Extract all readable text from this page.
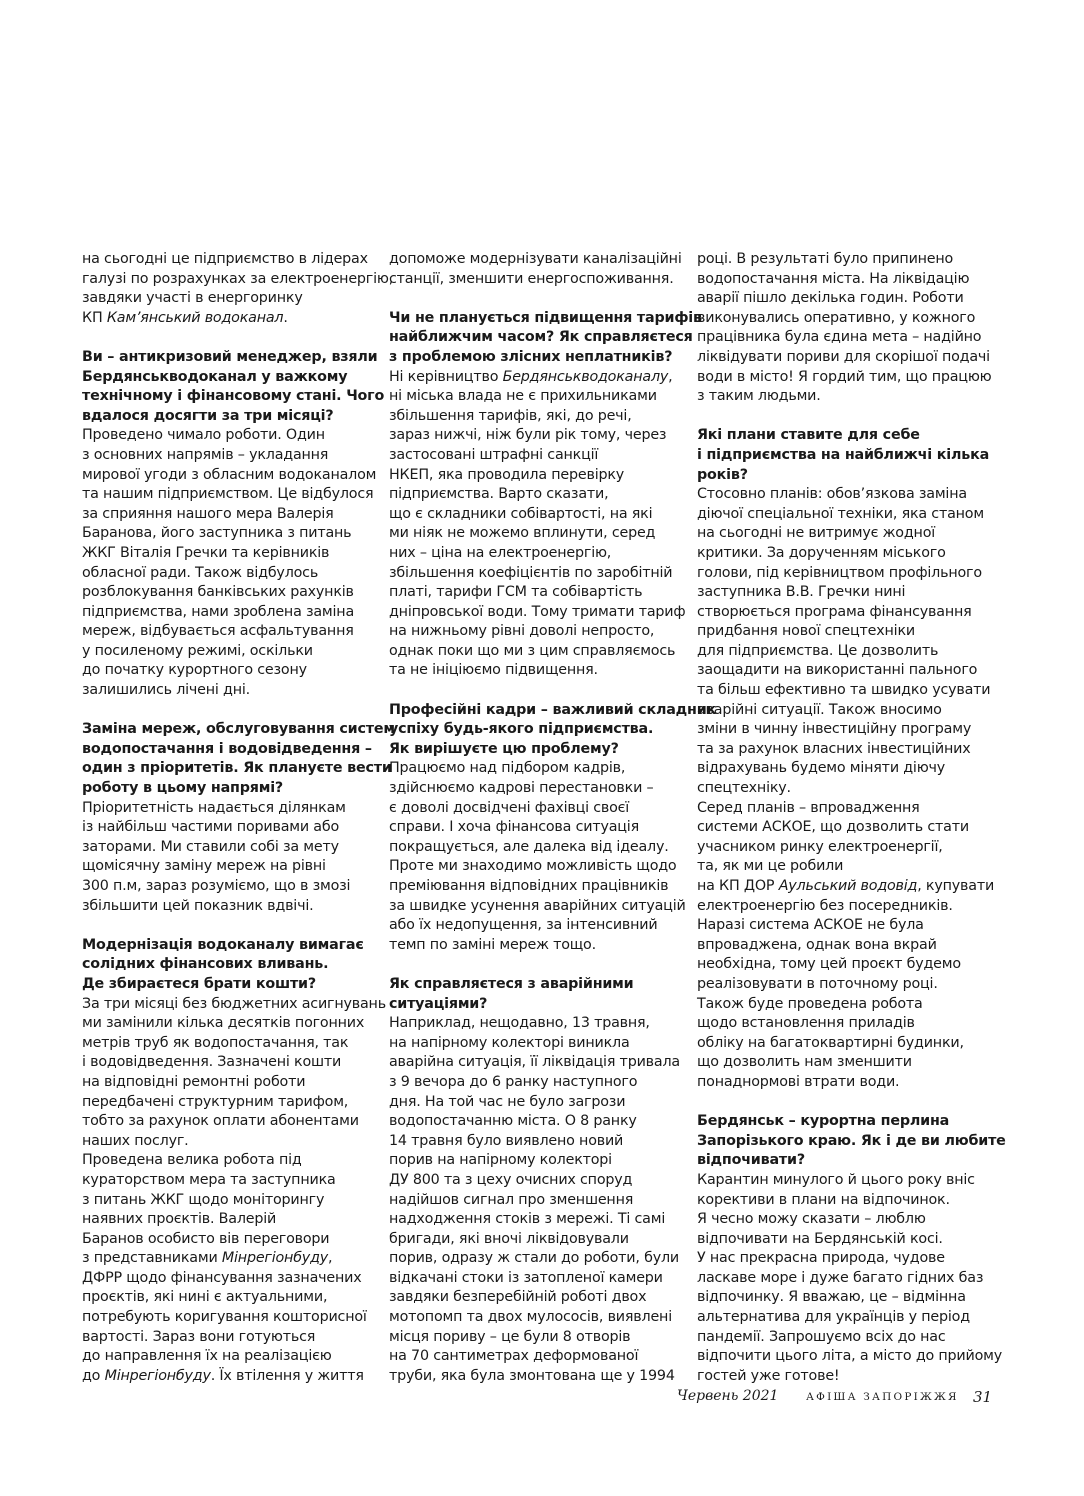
на сьогодні це підприємство в лідерах
галузі по розрахунках за електроенергію,
завдяки участі в енергоринку
КП Кам’янський водоканал.
Ви – антикризовий менеджер, взяли
Бердянськводоканал у важкому
технічному і фінансовому стані. Чого
вдалося досягти за три місяці?
Проведено чимало роботи. Один
з основних напрямів – укладання
мирової угоди з обласним водоканалом
та нашим підприємством. Це відбулося
за сприяння нашого мера Валерія
Баранова, його заступника з питань
ЖКГ Віталія Гречки та керівників
обласної ради. Також відбулось
розблокування банківських рахунків
підприємства, нами зроблена заміна
мереж, відбувається асфальтування
у посиленому режимі, оскільки
до початку курортного сезону
залишились лічені дні.
Заміна мереж, обслуговування систем
водопостачання і водовідведення –
один з пріоритетів. Як плануєте вести
роботу в цьому напрямі?
Пріоритетність надається ділянкам
із найбільш частими поривами або
заторами. Ми ставили собі за мету
щомісячну заміну мереж на рівні
300 п.м, зараз розуміємо, що в змозі
збільшити цей показник вдвічі.
Модернізація водоканалу вимагає
солідних фінансових вливань.
Де збираєтеся брати кошти?
За три місяці без бюджетних асигнувань
ми замінили кілька десятків погонних
метрів труб як водопостачання, так
і водовідведення. Зазначені кошти
на відповідні ремонтні роботи
передбачені структурним тарифом,
тобто за рахунок оплати абонентами
наших послуг.
Проведена велика робота під
кураторством мера та заступника
з питань ЖКГ щодо моніторингу
наявних проєктів. Валерій
Баранов особисто вів переговори
з представниками Мінрегіонбуду,
ДФРР щодо фінансування зазначених
проєктів, які нині є актуальними,
потребують коригування кошторисної
вартості. Зараз вони готуються
до направлення їх на реалізацією
до Мінрегіонбуду. Їх втілення у життя
допоможе модернізувати каналізаційні
станції, зменшити енергоспоживання.
Чи не планується підвищення тарифів
найближчим часом? Як справляєтеся
з проблемою злісних неплатників?
Ні керівництво Бердянськводоканалу,
ні міська влада не є прихильниками
збільшення тарифів, які, до речі,
зараз нижчі, ніж були рік тому, через
застосовані штрафні санкції
НКЕП, яка проводила перевірку
підприємства. Варто сказати,
що є складники собівартості, на які
ми ніяк не можемо вплинути, серед
них – ціна на електроенергію,
збільшення коефіцієнтів по заробітній
платі, тарифи ГСМ та собівартість
дніпровської води. Тому тримати тариф
на нижньому рівні доволі непросто,
однак поки що ми з цим справляємось
та не ініціюємо підвищення.
Професійні кадри – важливий складник
успіху будь-якого підприємства.
Як вирішуєте цю проблему?
Працюємо над підбором кадрів,
здійснюємо кадрові перестановки –
є доволі досвідчені фахівці своєї
справи. І хоча фінансова ситуація
покращується, але далека від ідеалу.
Проте ми знаходимо можливість щодо
преміювання відповідних працівників
за швидке усунення аварійних ситуацій
або їх недопущення, за інтенсивний
темп по заміні мереж тощо.
Як справляєтеся з аварійними
ситуаціями?
Наприклад, нещодавно, 13 травня,
на напірному колекторі виникла
аварійна ситуація, її ліквідація тривала
з 9 вечора до 6 ранку наступного
дня. На той час не було загрози
водопостачанню міста. О 8 ранку
14 травня було виявлено новий
порив на напірному колекторі
ДУ 800 та з цеху очисних споруд
надійшов сигнал про зменшення
надходження стоків з мережі. Ті самі
бригади, які вночі ліквідовували
порив, одразу ж стали до роботи, були
відкачані стоки із затопленої камери
завдяки безперебійній роботі двох
мотопомп та двох мулососів, виявлені
місця пориву – це були 8 отворів
на 70 сантиметрах деформованої
труби, яка була змонтована ще у 1994
році. В результаті було припинено
водопостачання міста. На ліквідацію
аварії пішло декілька годин. Роботи
виконувались оперативно, у кожного
працівника була єдина мета – надійно
ліквідувати пориви для скорішої подачі
води в місто! Я гордий тим, що працюю
з таким людьми.
Які плани ставите для себе
і підприємства на найближчі кілька
років?
Стосовно планів: обов’язкова заміна
діючої спеціальної техніки, яка станом
на сьогодні не витримує жодної
критики. За дорученням міського
голови, під керівництвом профільного
заступника В.В. Гречки нині
створюється програма фінансування
придбання нової спецтехніки
для підприємства. Це дозволить
заощадити на використанні пального
та більш ефективно та швидко усувати
аварійні ситуації. Також вносимо
зміни в чинну інвестиційну програму
та за рахунок власних інвестиційних
відрахувань будемо міняти діючу
спецтехніку.
Серед планів – впровадження
системи АСКОЕ, що дозволить стати
учасником ринку електроенергії,
та, як ми це робили
на КП ДОР Аульський водовід, купувати
електроенергію без посередників.
Наразі система АСКОЕ не була
впроваджена, однак вона вкрай
необхідна, тому цей проєкт будемо
реалізовувати в поточному році.
Також буде проведена робота
щодо встановлення приладів
обліку на багатоквартирні будинки,
що дозволить нам зменшити
понаднормові втрати води.
Бердянськ – курортна перлина
Запорізького краю. Як і де ви любите
відпочивати?
Карантин минулого й цього року вніс
корективи в плани на відпочинок.
Я чесно можу сказати – люблю
відпочивати на Бердянській косі.
У нас прекрасна природа, чудове
ласкаве море і дуже багато гідних баз
відпочинку. Я вважаю, це – відмінна
альтернатива для українців у період
пандемії. Запрошуємо всіх до нас
відпочити цього літа, а місто до прийому
гостей уже готове!
Червень 2021	АФІША ЗАПОРІЖЖЯ 31
